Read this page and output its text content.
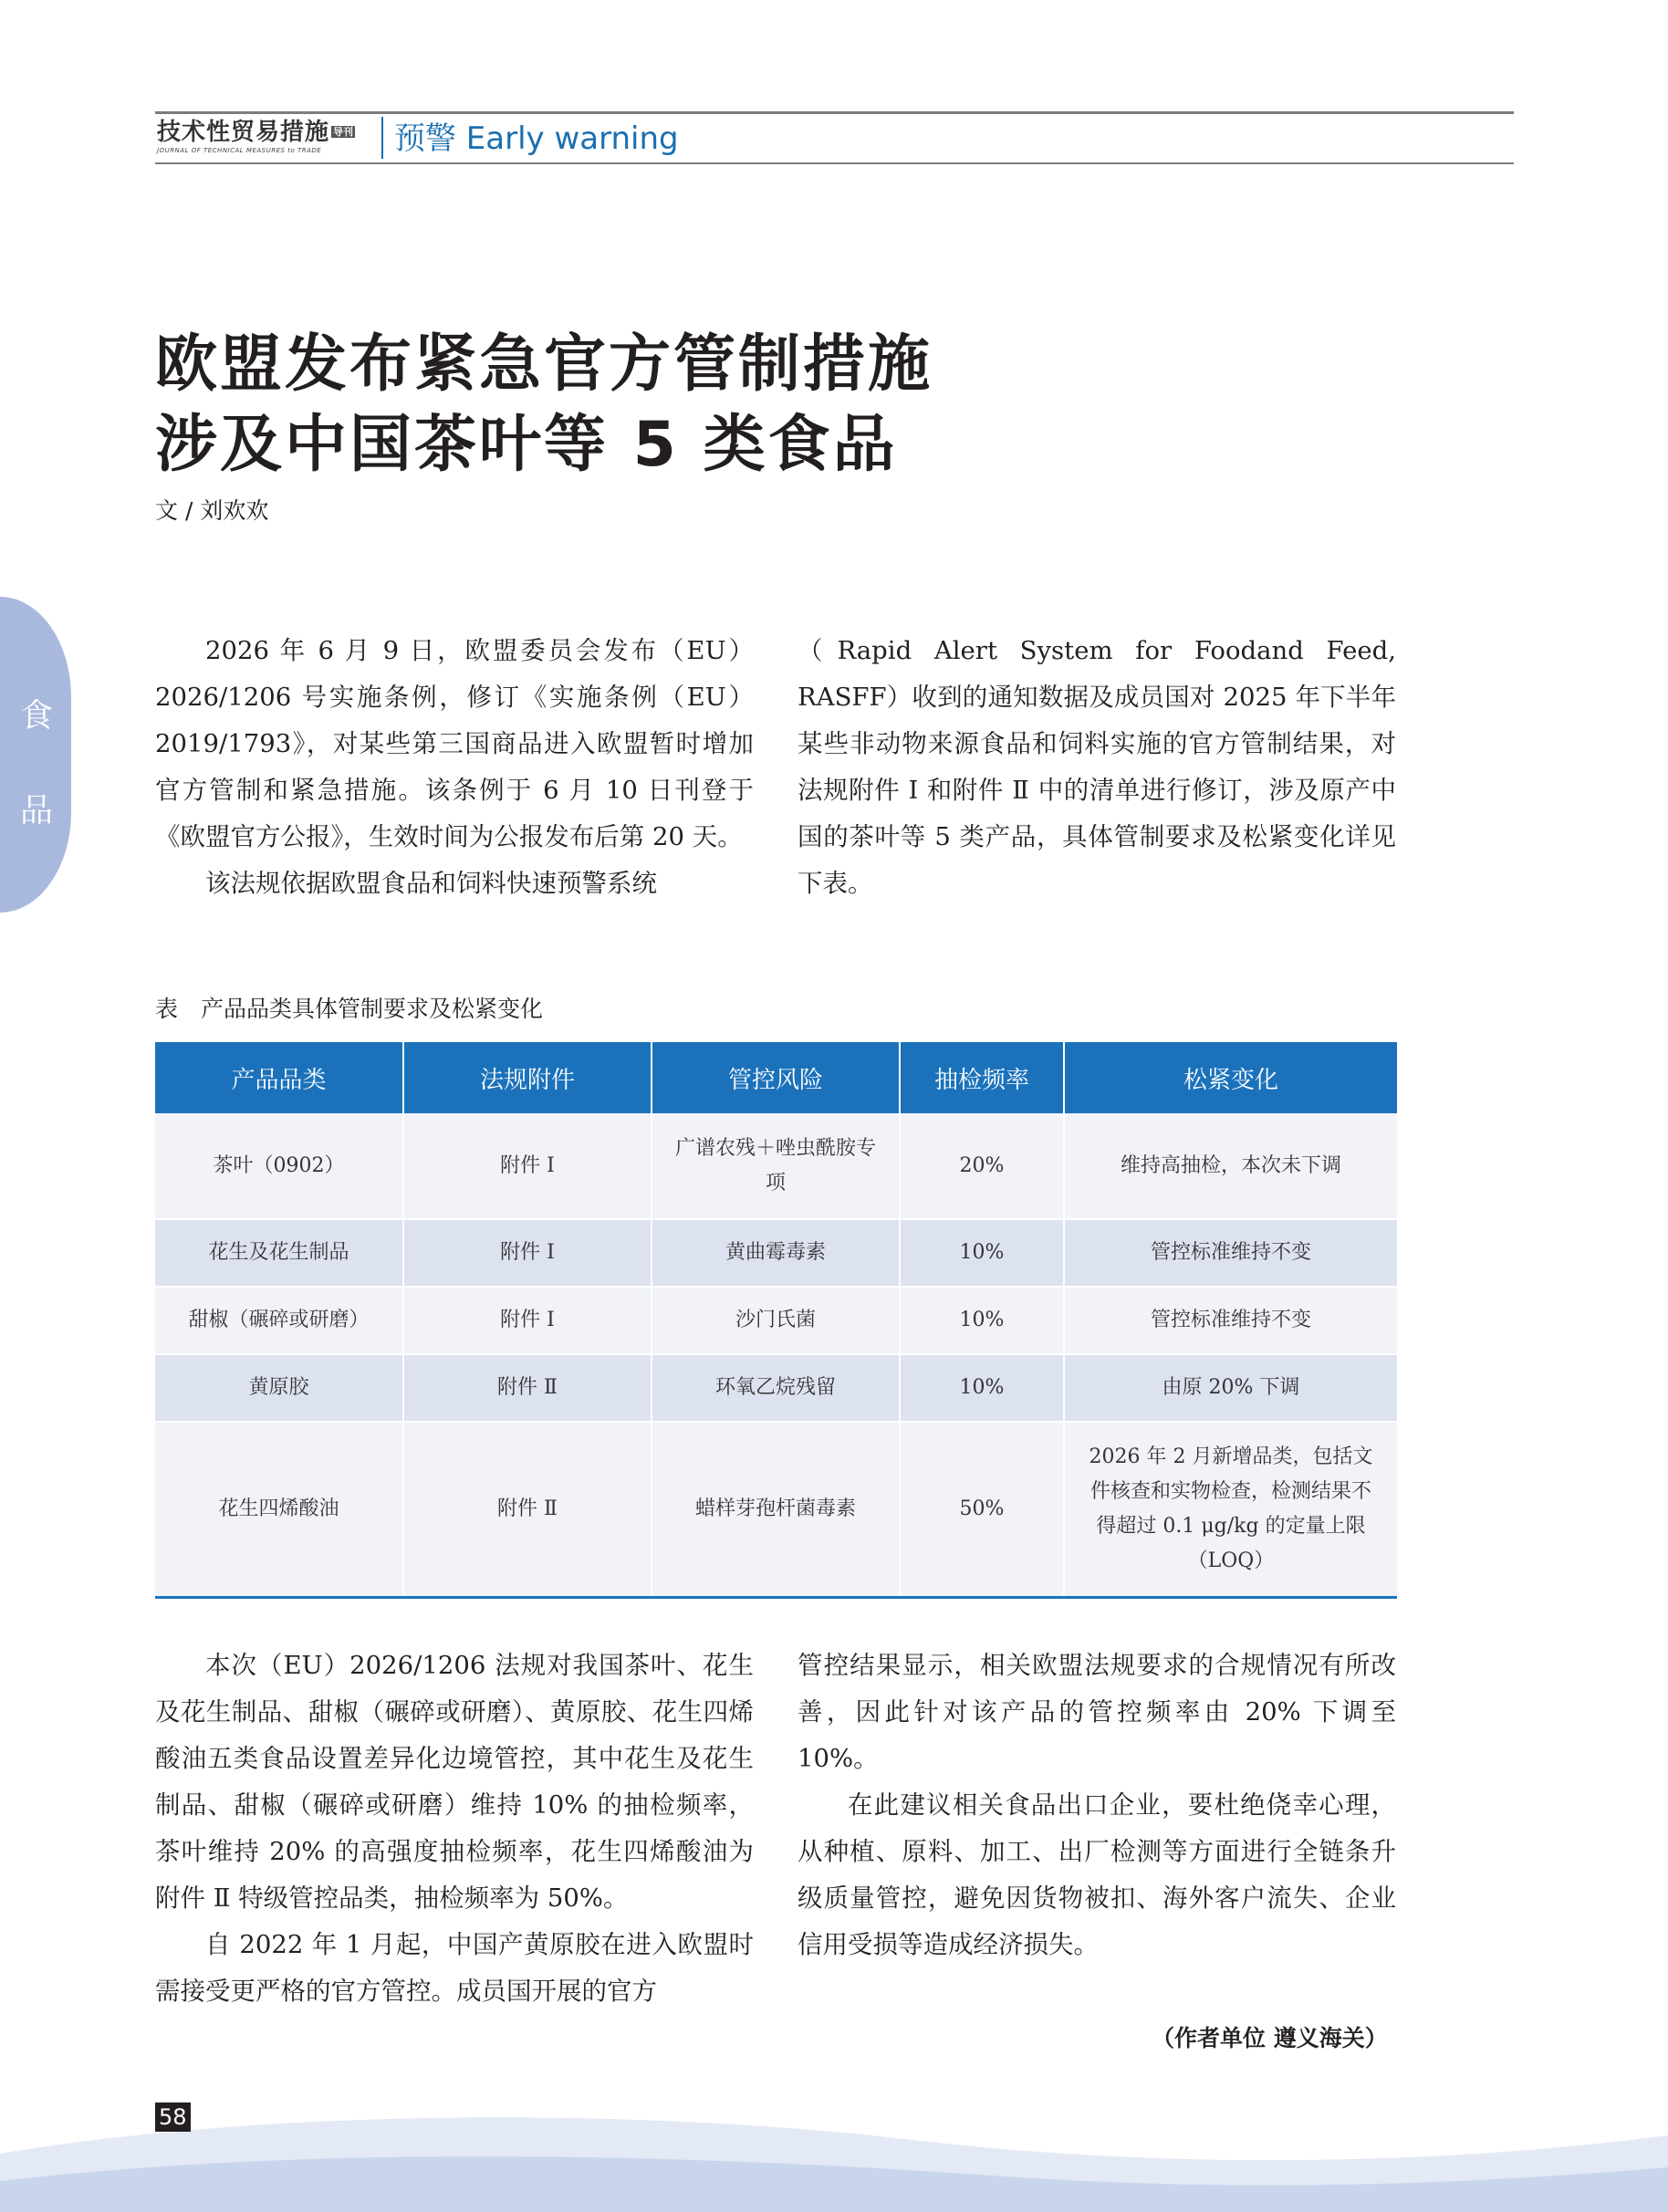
技术性贸易措施 $^{导刊}$
JOURNAL OF TECHNICAL MEASURES to TRADE	预警 Early warning
食
品
欧盟发布紧急官方管制措施
涉及中国茶叶等 5 类食品
文 / 刘欢欢

2026 年 6 月 9 日，欧盟委员会发布（EU）2026/1206 号实施条例，修订《实施条例（EU）2019/1793》，对某些第三国商品进入欧盟暂时增加官方管制和紧急措施。该条例于 6 月 10 日刊登于《欧盟官方公报》，生效时间为公报发布后第 20 天。

该法规依据欧盟食品和饲料快速预警系统

（Rapid Alert System for Foodand Feed, RASFF）收到的通知数据及成员国对 2025 年下半年某些非动物来源食品和饲料实施的官方管制结果，对法规附件 I 和附件 Ⅱ 中的清单进行修订，涉及原产中国的茶叶等 5 类产品，具体管制要求及松紧变化详见下表。

表　产品品类具体管制要求及松紧变化
产品品类	法规附件	管控风险	抽检频率	松紧变化
茶叶（0902）	附件 I	广谱农残＋唑虫酰胺专项	20%	维持高抽检，本次未下调
花生及花生制品	附件 I	黄曲霉毒素	10%	管控标准维持不变
甜椒（碾碎或研磨）	附件 I	沙门氏菌	10%	管控标准维持不变
黄原胶	附件 Ⅱ	环氧乙烷残留	10%	由原 20% 下调
花生四烯酸油	附件 Ⅱ	蜡样芽孢杆菌毒素	50%	2026 年 2 月新增品类，包括文件核查和实物检查，检测结果不得超过 0.1 μg/kg 的定量上限（LOQ）

本次（EU）2026/1206 法规对我国茶叶、花生及花生制品、甜椒（碾碎或研磨）、黄原胶、花生四烯酸油五类食品设置差异化边境管控，其中花生及花生制品、甜椒（碾碎或研磨）维持 10% 的抽检频率，茶叶维持 20% 的高强度抽检频率，花生四烯酸油为附件 Ⅱ 特级管控品类，抽检频率为 50%。

自 2022 年 1 月起，中国产黄原胶在进入欧盟时需接受更严格的官方管控。成员国开展的官方

管控结果显示，相关欧盟法规要求的合规情况有所改善，因此针对该产品的管控频率由 20% 下调至 10%。

在此建议相关食品出口企业，要杜绝侥幸心理，从种植、原料、加工、出厂检测等方面进行全链条升级质量管控，避免因货物被扣、海外客户流失、企业信用受损等造成经济损失。

（作者单位 遵义海关）
58
